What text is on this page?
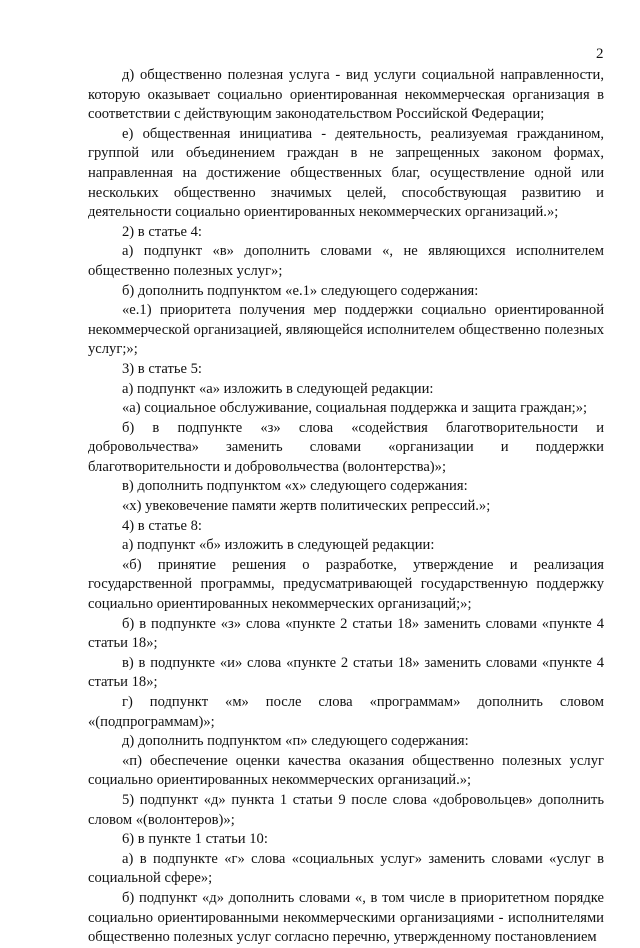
2

д) общественно полезная услуга - вид услуги социальной направленности, которую оказывает социально ориентированная некоммерческая организация в соответствии с действующим законодательством Российской Федерации;

е) общественная инициатива - деятельность, реализуемая гражданином, группой или объединением граждан в не запрещенных законом формах, направленная на достижение общественных благ, осуществление одной или нескольких общественно значимых целей, способствующая развитию и деятельности социально ориентированных некоммерческих организаций.»;

2) в статье 4:

а) подпункт «в» дополнить словами «, не являющихся исполнителем общественно полезных услуг»;

б) дополнить подпунктом «е.1» следующего содержания:

«е.1) приоритета получения мер поддержки социально ориентированной некоммерческой организацией, являющейся исполнителем общественно полезных услуг;»;

3) в статье 5:

а) подпункт «а» изложить в следующей редакции:

«а) социальное обслуживание, социальная поддержка и защита граждан;»;

б) в подпункте «з» слова «содействия благотворительности и добровольчества» заменить словами «организации и поддержки благотворительности и добровольчества (волонтерства)»;

в) дополнить подпунктом «х» следующего содержания:

«х) увековечение памяти жертв политических репрессий.»;

4) в статье 8:

а) подпункт «б» изложить в следующей редакции:

«б) принятие решения о разработке, утверждение и реализация государственной программы, предусматривающей государственную поддержку социально ориентированных некоммерческих организаций;»;

б) в подпункте «з» слова «пункте 2 статьи 18» заменить словами «пункте 4 статьи 18»;

в) в подпункте «и» слова «пункте 2 статьи 18» заменить словами «пункте 4 статьи 18»;

г) подпункт «м» после слова «программам» дополнить словом «(подпрограммам)»;

д) дополнить подпунктом «п» следующего содержания:

«п) обеспечение оценки качества оказания общественно полезных услуг социально ориентированных некоммерческих организаций.»;

5) подпункт «д» пункта 1 статьи 9 после слова «добровольцев» дополнить словом «(волонтеров)»;

6) в пункте 1 статьи 10:

а) в подпункте «г» слова «социальных услуг» заменить словами «услуг в социальной сфере»;

б) подпункт «д» дополнить словами «, в том числе в приоритетном порядке социально ориентированными некоммерческими организациями - исполнителями общественно полезных услуг согласно перечню, утвержденному постановлением
